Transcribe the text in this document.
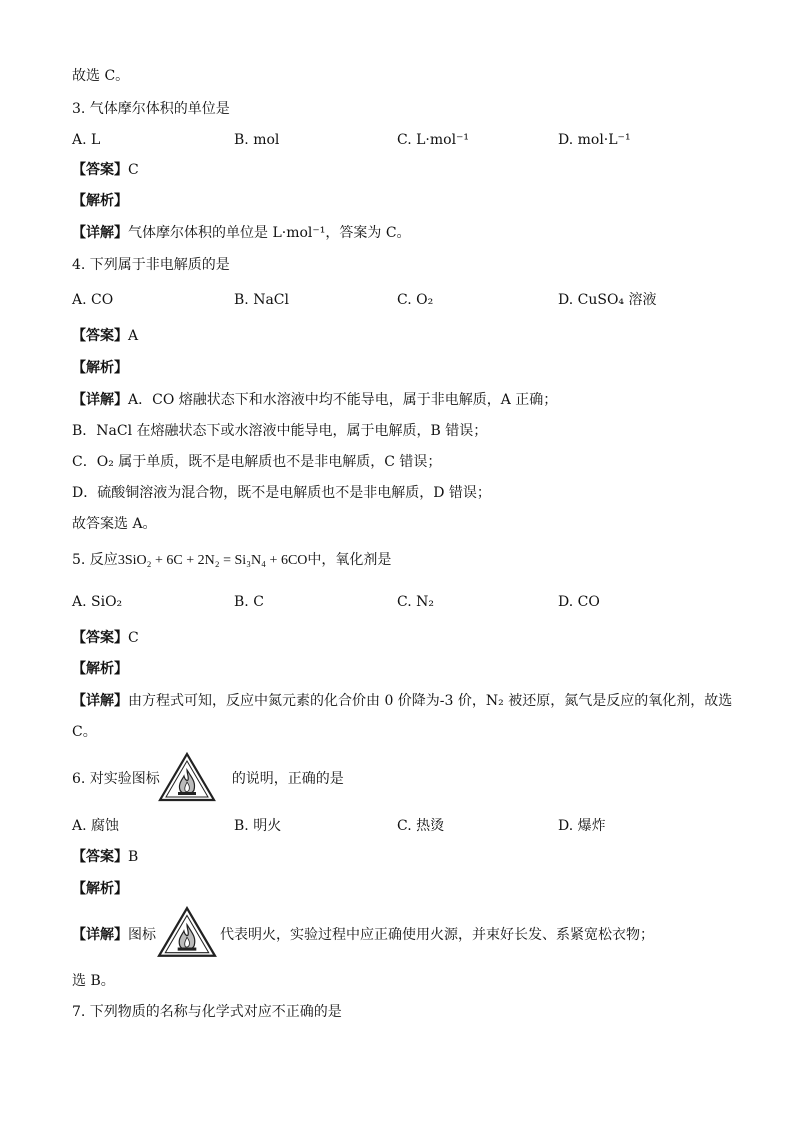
故选 C。
3. 气体摩尔体积的单位是
A. L	B. mol	C. L·mol⁻¹	D. mol·L⁻¹
【答案】C
【解析】
【详解】气体摩尔体积的单位是 L·mol⁻¹，答案为 C。
4. 下列属于非电解质的是
A. CO	B. NaCl	C. O₂	D. CuSO₄ 溶液
【答案】A
【解析】
【详解】A．CO 熔融状态下和水溶液中均不能导电，属于非电解质，A 正确；
B．NaCl 在熔融状态下或水溶液中能导电，属于电解质，B 错误；
C．O₂ 属于单质，既不是电解质也不是非电解质，C 错误；
D．硫酸铜溶液为混合物，既不是电解质也不是非电解质，D 错误；
故答案选 A。
5. 反应3SiO₂ + 6C + 2N₂ = Si₃N₄ + 6CO中，氧化剂是
A. SiO₂	B. C	C. N₂	D. CO
【答案】C
【解析】
【详解】由方程式可知，反应中氮元素的化合价由 0 价降为-3 价，N₂ 被还原，氮气是反应的氧化剂，故选
C。
6. 对实验图标	的说明，正确的是
A. 腐蚀	B. 明火	C. 热烫	D. 爆炸
【答案】B
【解析】
【详解】图标	代表明火，实验过程中应正确使用火源，并束好长发、系紧宽松衣物；
选 B。
7. 下列物质的名称与化学式对应不正确的是
